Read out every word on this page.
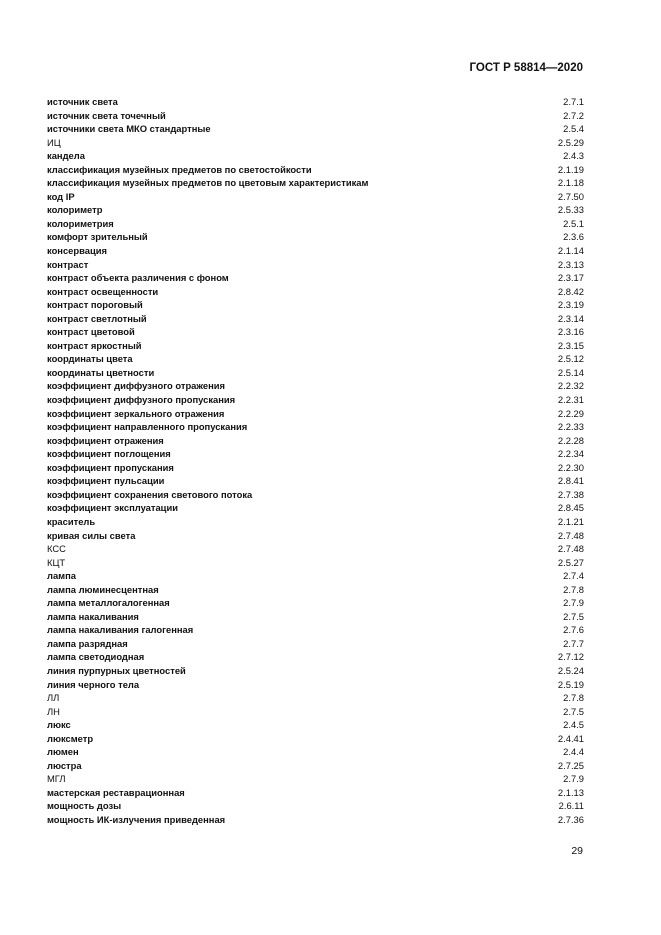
ГОСТ Р 58814—2020
источник света	2.7.1
источник света точечный	2.7.2
источники света МКО стандартные	2.5.4
ИЦ	2.5.29
кандела	2.4.3
классификация музейных предметов по светостойкости	2.1.19
классификация музейных предметов по цветовым характеристикам	2.1.18
код IP	2.7.50
колориметр	2.5.33
колориметрия	2.5.1
комфорт зрительный	2.3.6
консервация	2.1.14
контраст	2.3.13
контраст объекта различения с фоном	2.3.17
контраст освещенности	2.8.42
контраст пороговый	2.3.19
контраст светлотный	2.3.14
контраст цветовой	2.3.16
контраст яркостный	2.3.15
координаты цвета	2.5.12
координаты цветности	2.5.14
коэффициент диффузного отражения	2.2.32
коэффициент диффузного пропускания	2.2.31
коэффициент зеркального отражения	2.2.29
коэффициент направленного пропускания	2.2.33
коэффициент отражения	2.2.28
коэффициент поглощения	2.2.34
коэффициент пропускания	2.2.30
коэффициент пульсации	2.8.41
коэффициент сохранения светового потока	2.7.38
коэффициент эксплуатации	2.8.45
краситель	2.1.21
кривая силы света	2.7.48
КСС	2.7.48
КЦТ	2.5.27
лампа	2.7.4
лампа люминесцентная	2.7.8
лампа металлогалогенная	2.7.9
лампа накаливания	2.7.5
лампа накаливания галогенная	2.7.6
лампа разрядная	2.7.7
лампа светодиодная	2.7.12
линия пурпурных цветностей	2.5.24
линия черного тела	2.5.19
ЛЛ	2.7.8
ЛН	2.7.5
люкс	2.4.5
люксметр	2.4.41
люмен	2.4.4
люстра	2.7.25
МГЛ	2.7.9
мастерская реставрационная	2.1.13
мощность дозы	2.6.11
мощность ИК-излучения приведенная	2.7.36
29
